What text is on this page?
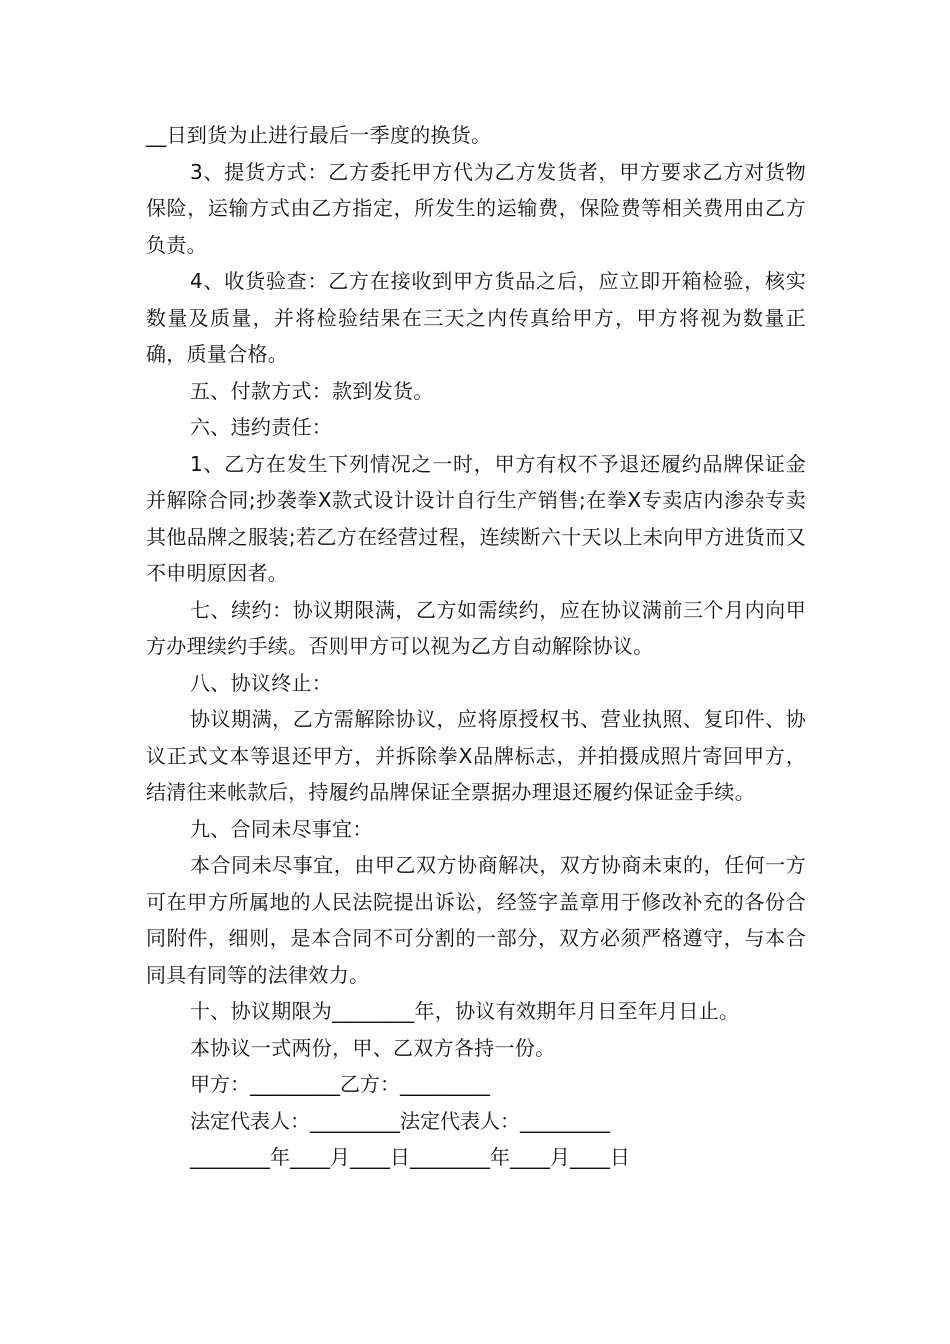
__日到货为止进行最后一季度的换货。

3、提货方式：乙方委托甲方代为乙方发货者，甲方要求乙方对货物保险，运输方式由乙方指定，所发生的运输费，保险费等相关费用由乙方负责。

4、收货验查：乙方在接收到甲方货品之后，应立即开箱检验，核实数量及质量，并将检验结果在三天之内传真给甲方，甲方将视为数量正确，质量合格。

五、付款方式：款到发货。

六、违约责任：

1、乙方在发生下列情况之一时，甲方有权不予退还履约品牌保证金并解除合同;抄袭拳X款式设计设计自行生产销售;在拳X专卖店内渗杂专卖其他品牌之服装;若乙方在经营过程，连续断六十天以上未向甲方进货而又不申明原因者。

七、续约：协议期限满，乙方如需续约，应在协议满前三个月内向甲方办理续约手续。否则甲方可以视为乙方自动解除协议。

八、协议终止：

协议期满，乙方需解除协议，应将原授权书、营业执照、复印件、协议正式文本等退还甲方，并拆除拳X品牌标志，并拍摄成照片寄回甲方，结清往来帐款后，持履约品牌保证全票据办理退还履约保证金手续。

九、合同未尽事宜：

本合同未尽事宜，由甲乙双方协商解决，双方协商未束的，任何一方可在甲方所属地的人民法院提出诉讼，经签字盖章用于修改补充的各份合同附件，细则，是本合同不可分割的一部分，双方必须严格遵守，与本合同具有同等的法律效力。

十、协议期限为________年，协议有效期年月日至年月日止。

本协议一式两份，甲、乙双方各持一份。

甲方：_________乙方：_________

法定代表人：_________法定代表人：_________

________年____月____日________年____月____日
